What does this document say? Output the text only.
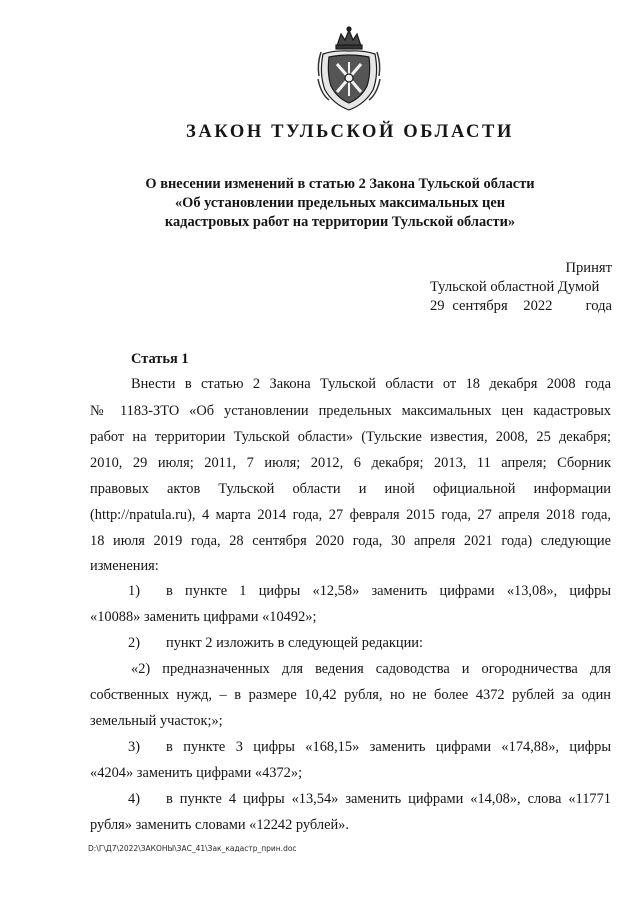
ЗАКОН ТУЛЬСКОЙ ОБЛАСТИ
О внесении изменений в статью 2 Закона Тульской области
«Об установлении предельных максимальных цен
кадастровых работ на территории Тульской области»
Принят
Тульской областной Думой
29 сентября 2022 года
Статья 1
Внести в статью 2 Закона Тульской области от 18 декабря 2008 года
№ 1183-ЗТО «Об установлении предельных максимальных цен кадастровых
работ на территории Тульской области» (Тульские известия, 2008, 25 декабря;
2010, 29 июля; 2011, 7 июля; 2012, 6 декабря; 2013, 11 апреля; Сборник
правовых актов Тульской области и иной официальной информации
(http://npatula.ru), 4 марта 2014 года, 27 февраля 2015 года, 27 апреля 2018 года,
18 июля 2019 года, 28 сентября 2020 года, 30 апреля 2021 года) следующие
изменения:
1)	в пункте 1 цифры «12,58» заменить цифрами «13,08», цифры
«10088» заменить цифрами «10492»;
2)	пункт 2 изложить в следующей редакции:
«2) предназначенных для ведения садоводства и огородничества для
собственных нужд, – в размере 10,42 рубля, но не более 4372 рублей за один
земельный участок;»;
3)	в пункте 3 цифры «168,15» заменить цифрами «174,88», цифры
«4204» заменить цифрами «4372»;
4)	в пункте 4 цифры «13,54» заменить цифрами «14,08», слова «11771
рубля» заменить словами «12242 рублей».
D:\Г\Д7\2022\ЗАКОНЫ\ЗАС_41\Зак_кадастр_прин.doc
